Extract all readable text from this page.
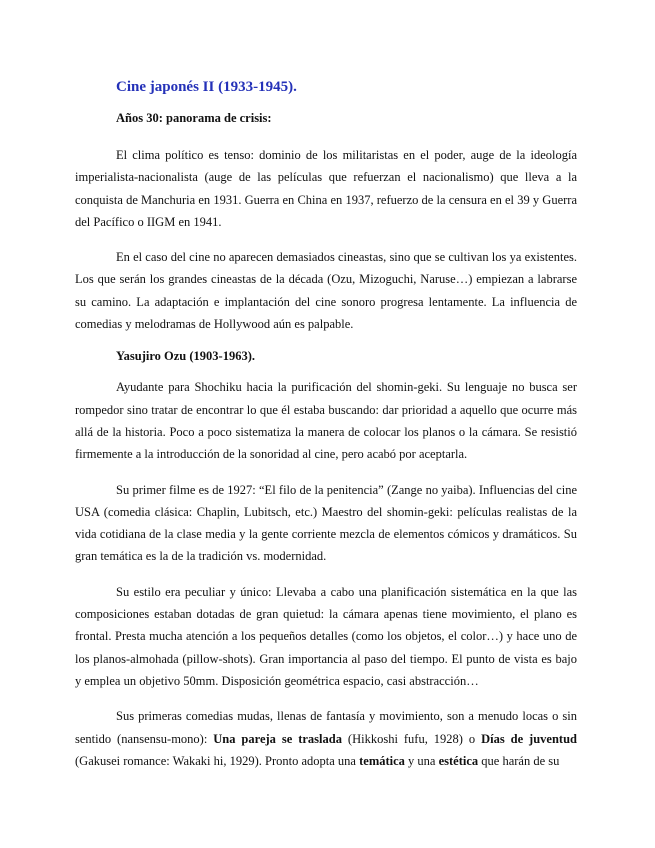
Cine japonés II (1933-1945).
Años 30: panorama de crisis:

El clima político es tenso: dominio de los militaristas en el poder, auge de la ideología imperialista-nacionalista (auge de las películas que refuerzan el nacionalismo) que lleva a la conquista de Manchuria en 1931. Guerra en China en 1937, refuerzo de la censura en el 39 y Guerra del Pacífico o IIGM en 1941.

En el caso del cine no aparecen demasiados cineastas, sino que se cultivan los ya existentes. Los que serán los grandes cineastas de la década (Ozu, Mizoguchi, Naruse…) empiezan a labrarse su camino. La adaptación e implantación del cine sonoro progresa lentamente. La influencia de comedias y melodramas de Hollywood aún es palpable.

Yasujiro Ozu (1903-1963).

Ayudante para Shochiku hacia la purificación del shomin-geki. Su lenguaje no busca ser rompedor sino tratar de encontrar lo que él estaba buscando: dar prioridad a aquello que ocurre más allá de la historia. Poco a poco sistematiza la manera de colocar los planos o la cámara. Se resistió firmemente a la introducción de la sonoridad al cine, pero acabó por aceptarla.

Su primer filme es de 1927: “El filo de la penitencia” (Zange no yaiba). Influencias del cine USA (comedia clásica: Chaplin, Lubitsch, etc.) Maestro del shomin-geki: películas realistas de la vida cotidiana de la clase media y la gente corriente mezcla de elementos cómicos y dramáticos. Su gran temática es la de la tradición vs. modernidad.

Su estilo era peculiar y único: Llevaba a cabo una planificación sistemática en la que las composiciones estaban dotadas de gran quietud: la cámara apenas tiene movimiento, el plano es frontal. Presta mucha atención a los pequeños detalles (como los objetos, el color…) y hace uno de los planos-almohada (pillow-shots). Gran importancia al paso del tiempo. El punto de vista es bajo y emplea un objetivo 50mm. Disposición geométrica espacio, casi abstracción…

Sus primeras comedias mudas, llenas de fantasía y movimiento, son a menudo locas o sin sentido (nansensu-mono): Una pareja se traslada (Hikkoshi fufu, 1928) o Días de juventud (Gakusei romance: Wakaki hi, 1929). Pronto adopta una temática y una estética que harán de su
